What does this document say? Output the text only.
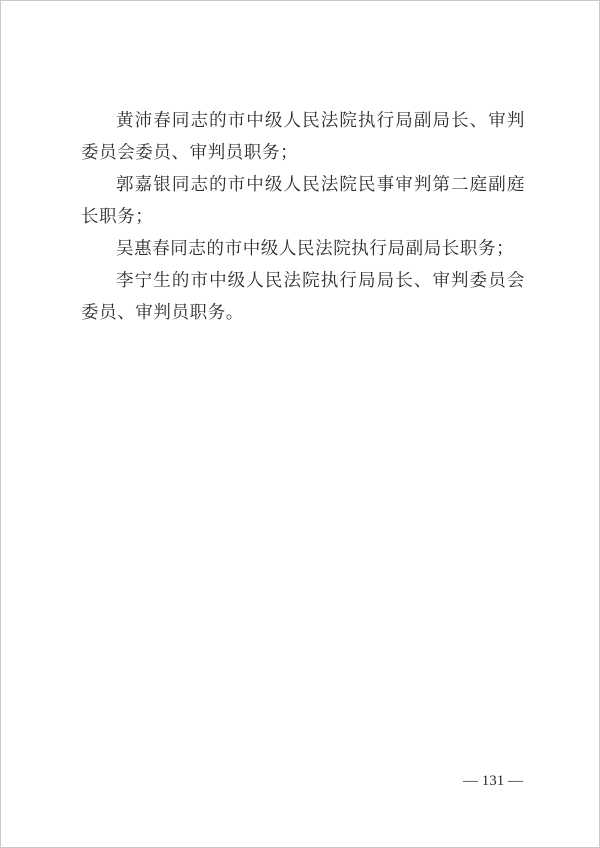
黄沛春同志的市中级人民法院执行局副局长、审判委员会委员、审判员职务；

郭嘉银同志的市中级人民法院民事审判第二庭副庭长职务；

吴惠春同志的市中级人民法院执行局副局长职务；

李宁生的市中级人民法院执行局局长、审判委员会委员、审判员职务。

— 131 —
